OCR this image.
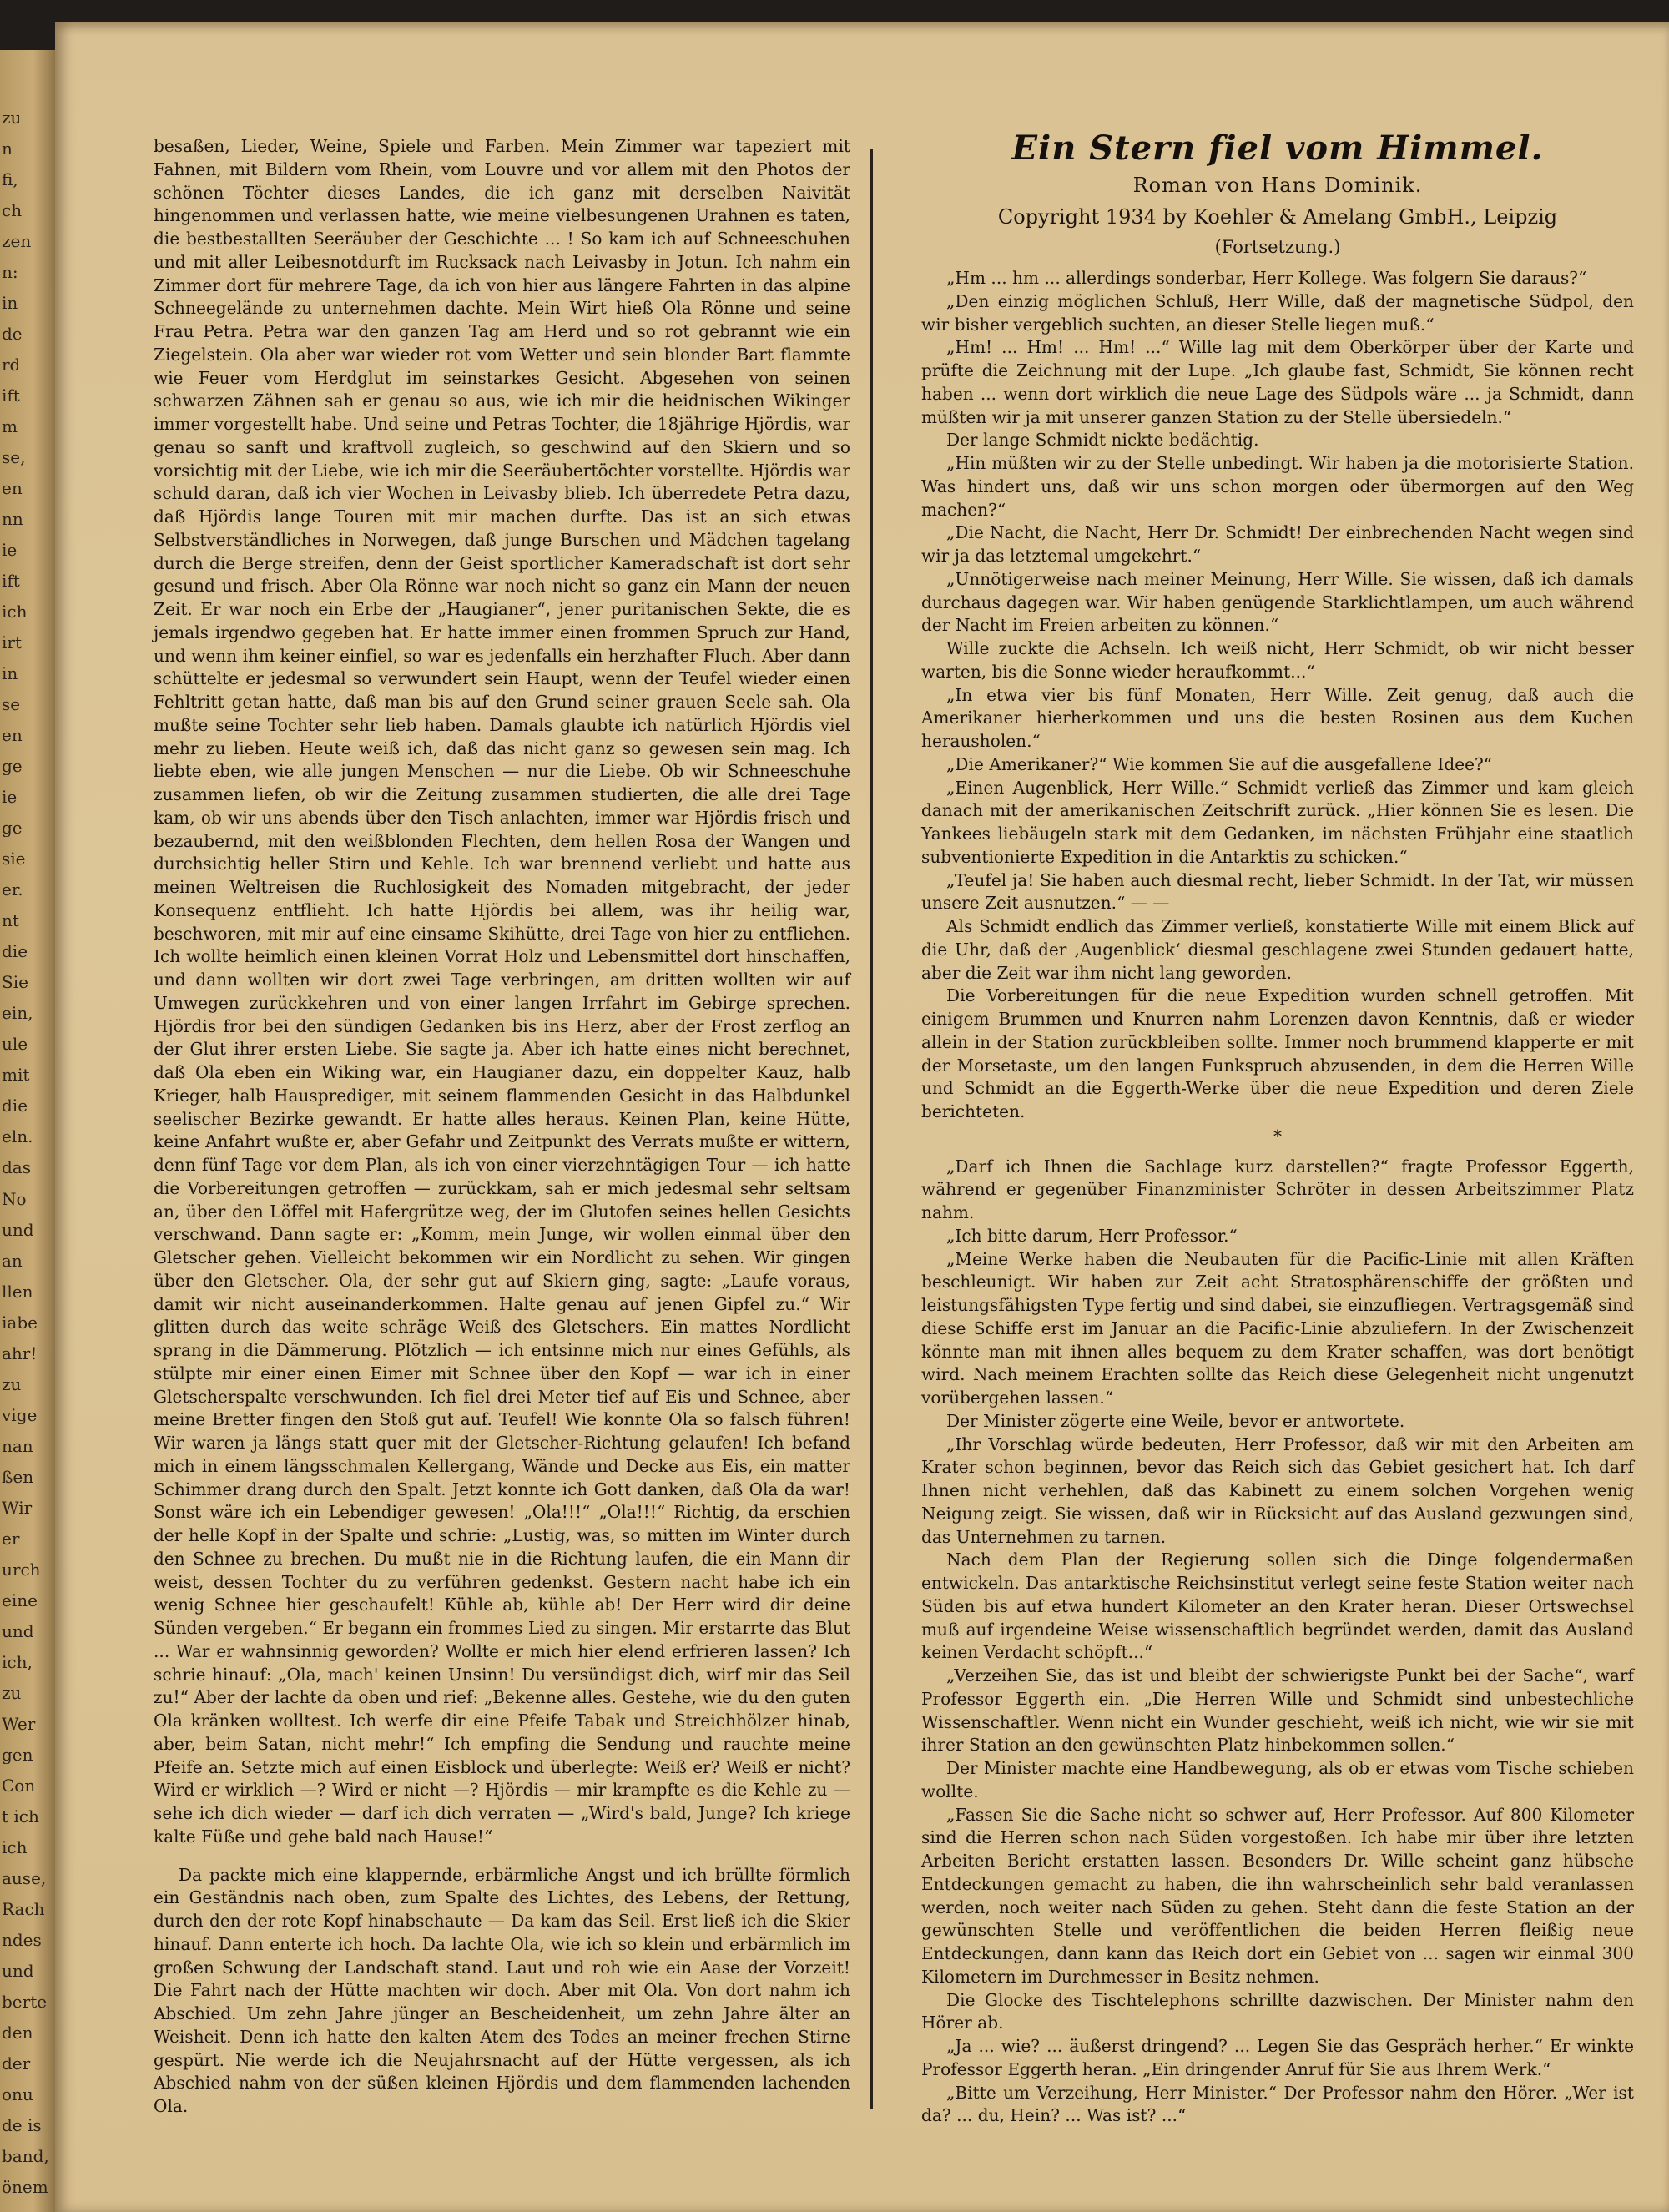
zu
n
fi,
ch
zen
n:
in
de
rd
ift
m
se,
en
nn
ie
ift
ich
irt
in
se
en
ge
ie
ge
sie
er.
nt
die
Sie
ein,
ule
mit
die
eln.
das
No
und
an
llen
iabe
ahr!
zu
vige
nan
ßen
Wir
er
urch
eine
und
ich,
zu
Wer
gen
Con
t ich
ich
ause,
Rach
ndes
und
berte
den
der
onu
de is
band,
önem

besaßen, Lieder, Weine, Spiele und Farben. Mein Zimmer war tapeziert mit Fahnen, mit Bildern vom Rhein, vom Louvre und vor allem mit den Photos der schönen Töchter dieses Landes, die ich ganz mit derselben Naivität hingenommen und verlassen hatte, wie meine vielbesungenen Urahnen es taten, die bestbestallten Seeräuber der Geschichte ... ! So kam ich auf Schneeschuhen und mit aller Leibesnotdurft im Rucksack nach Leivasby in Jotun. Ich nahm ein Zimmer dort für mehrere Tage, da ich von hier aus längere Fahrten in das alpine Schneegelände zu unternehmen dachte. Mein Wirt hieß Ola Rönne und seine Frau Petra. Petra war den ganzen Tag am Herd und so rot gebrannt wie ein Ziegelstein. Ola aber war wieder rot vom Wetter und sein blonder Bart flammte wie Feuer vom Herdglut im seinstarkes Gesicht. Abgesehen von seinen schwarzen Zähnen sah er genau so aus, wie ich mir die heidnischen Wikinger immer vorgestellt habe. Und seine und Petras Tochter, die 18jährige Hjördis, war genau so sanft und kraftvoll zugleich, so geschwind auf den Skiern und so vorsichtig mit der Liebe, wie ich mir die Seeräubertöchter vorstellte. Hjördis war schuld daran, daß ich vier Wochen in Leivasby blieb. Ich überredete Petra dazu, daß Hjördis lange Touren mit mir machen durfte. Das ist an sich etwas Selbstverständliches in Norwegen, daß junge Burschen und Mädchen tagelang durch die Berge streifen, denn der Geist sportlicher Kameradschaft ist dort sehr gesund und frisch. Aber Ola Rönne war noch nicht so ganz ein Mann der neuen Zeit. Er war noch ein Erbe der „Haugianer“, jener puritanischen Sekte, die es jemals irgendwo gegeben hat. Er hatte immer einen frommen Spruch zur Hand, und wenn ihm keiner einfiel, so war es jedenfalls ein herzhafter Fluch. Aber dann schüttelte er jedesmal so verwundert sein Haupt, wenn der Teufel wieder einen Fehltritt getan hatte, daß man bis auf den Grund seiner grauen Seele sah. Ola mußte seine Tochter sehr lieb haben. Damals glaubte ich natürlich Hjördis viel mehr zu lieben. Heute weiß ich, daß das nicht ganz so gewesen sein mag. Ich liebte eben, wie alle jungen Menschen — nur die Liebe. Ob wir Schneeschuhe zusammen liefen, ob wir die Zeitung zusammen studierten, die alle drei Tage kam, ob wir uns abends über den Tisch anlachten, immer war Hjördis frisch und bezaubernd, mit den weißblonden Flechten, dem hellen Rosa der Wangen und durchsichtig heller Stirn und Kehle. Ich war brennend verliebt und hatte aus meinen Weltreisen die Ruchlosigkeit des Nomaden mitgebracht, der jeder Konsequenz entflieht. Ich hatte Hjördis bei allem, was ihr heilig war, beschworen, mit mir auf eine einsame Skihütte, drei Tage von hier zu entfliehen. Ich wollte heimlich einen kleinen Vorrat Holz und Lebensmittel dort hinschaffen, und dann wollten wir dort zwei Tage verbringen, am dritten wollten wir auf Umwegen zurückkehren und von einer langen Irrfahrt im Gebirge sprechen. Hjördis fror bei den sündigen Gedanken bis ins Herz, aber der Frost zerflog an der Glut ihrer ersten Liebe. Sie sagte ja. Aber ich hatte eines nicht berechnet, daß Ola eben ein Wiking war, ein Haugianer dazu, ein doppelter Kauz, halb Krieger, halb Hausprediger, mit seinem flammenden Gesicht in das Halbdunkel seelischer Bezirke gewandt. Er hatte alles heraus. Keinen Plan, keine Hütte, keine Anfahrt wußte er, aber Gefahr und Zeitpunkt des Verrats mußte er wittern, denn fünf Tage vor dem Plan, als ich von einer vierzehntägigen Tour — ich hatte die Vorbereitungen getroffen — zurückkam, sah er mich jedesmal sehr seltsam an, über den Löffel mit Hafergrütze weg, der im Glutofen seines hellen Gesichts verschwand. Dann sagte er: „Komm, mein Junge, wir wollen einmal über den Gletscher gehen. Vielleicht bekommen wir ein Nordlicht zu sehen. Wir gingen über den Gletscher. Ola, der sehr gut auf Skiern ging, sagte: „Laufe voraus, damit wir nicht auseinanderkommen. Halte genau auf jenen Gipfel zu.“ Wir glitten durch das weite schräge Weiß des Gletschers. Ein mattes Nordlicht sprang in die Dämmerung. Plötzlich — ich entsinne mich nur eines Gefühls, als stülpte mir einer einen Eimer mit Schnee über den Kopf — war ich in einer Gletscherspalte verschwunden. Ich fiel drei Meter tief auf Eis und Schnee, aber meine Bretter fingen den Stoß gut auf. Teufel! Wie konnte Ola so falsch führen! Wir waren ja längs statt quer mit der Gletscher-Richtung gelaufen! Ich befand mich in einem längsschmalen Kellergang, Wände und Decke aus Eis, ein matter Schimmer drang durch den Spalt. Jetzt konnte ich Gott danken, daß Ola da war! Sonst wäre ich ein Lebendiger gewesen! „Ola!!!“ „Ola!!!“ Richtig, da erschien der helle Kopf in der Spalte und schrie: „Lustig, was, so mitten im Winter durch den Schnee zu brechen. Du mußt nie in die Richtung laufen, die ein Mann dir weist, dessen Tochter du zu verführen gedenkst. Gestern nacht habe ich ein wenig Schnee hier geschaufelt! Kühle ab, kühle ab! Der Herr wird dir deine Sünden vergeben.“ Er begann ein frommes Lied zu singen. Mir erstarrte das Blut ... War er wahnsinnig geworden? Wollte er mich hier elend erfrieren lassen? Ich schrie hinauf: „Ola, mach' keinen Unsinn! Du versündigst dich, wirf mir das Seil zu!“ Aber der lachte da oben und rief: „Bekenne alles. Gestehe, wie du den guten Ola kränken wolltest. Ich werfe dir eine Pfeife Tabak und Streichhölzer hinab, aber, beim Satan, nicht mehr!“ Ich empfing die Sendung und rauchte meine Pfeife an. Setzte mich auf einen Eisblock und überlegte: Weiß er? Weiß er nicht? Wird er wirklich —? Wird er nicht —? Hjördis — mir krampfte es die Kehle zu — sehe ich dich wieder — darf ich dich verraten — „Wird's bald, Junge? Ich kriege kalte Füße und gehe bald nach Hause!“

Da packte mich eine klappernde, erbärmliche Angst und ich brüllte förmlich ein Geständnis nach oben, zum Spalte des Lichtes, des Lebens, der Rettung, durch den der rote Kopf hinabschaute — Da kam das Seil. Erst ließ ich die Skier hinauf. Dann enterte ich hoch. Da lachte Ola, wie ich so klein und erbärmlich im großen Schwung der Landschaft stand. Laut und roh wie ein Aase der Vorzeit! Die Fahrt nach der Hütte machten wir doch. Aber mit Ola. Von dort nahm ich Abschied. Um zehn Jahre jünger an Bescheidenheit, um zehn Jahre älter an Weisheit. Denn ich hatte den kalten Atem des Todes an meiner frechen Stirne gespürt. Nie werde ich die Neujahrsnacht auf der Hütte vergessen, als ich Abschied nahm von der süßen kleinen Hjördis und dem flammenden lachenden Ola.

Ein Stern fiel vom Himmel.
Roman von Hans Dominik.
Copyright 1934 by Koehler & Amelang GmbH., Leipzig
(Fortsetzung.)

„Hm ... hm ... allerdings sonderbar, Herr Kollege. Was folgern Sie daraus?“

„Den einzig möglichen Schluß, Herr Wille, daß der magnetische Südpol, den wir bisher vergeblich suchten, an dieser Stelle liegen muß.“

„Hm! ... Hm! ... Hm! ...“ Wille lag mit dem Oberkörper über der Karte und prüfte die Zeichnung mit der Lupe. „Ich glaube fast, Schmidt, Sie können recht haben ... wenn dort wirklich die neue Lage des Südpols wäre ... ja Schmidt, dann müßten wir ja mit unserer ganzen Station zu der Stelle übersiedeln.“

Der lange Schmidt nickte bedächtig.

„Hin müßten wir zu der Stelle unbedingt. Wir haben ja die motorisierte Station. Was hindert uns, daß wir uns schon morgen oder übermorgen auf den Weg machen?“

„Die Nacht, die Nacht, Herr Dr. Schmidt! Der einbrechenden Nacht wegen sind wir ja das letztemal umgekehrt.“

„Unnötigerweise nach meiner Meinung, Herr Wille. Sie wissen, daß ich damals durchaus dagegen war. Wir haben genügende Starklichtlampen, um auch während der Nacht im Freien arbeiten zu können.“

Wille zuckte die Achseln. Ich weiß nicht, Herr Schmidt, ob wir nicht besser warten, bis die Sonne wieder heraufkommt...“

„In etwa vier bis fünf Monaten, Herr Wille. Zeit genug, daß auch die Amerikaner hierherkommen und uns die besten Rosinen aus dem Kuchen herausholen.“

„Die Amerikaner?“ Wie kommen Sie auf die ausgefallene Idee?“

„Einen Augenblick, Herr Wille.“ Schmidt verließ das Zimmer und kam gleich danach mit der amerikanischen Zeitschrift zurück. „Hier können Sie es lesen. Die Yankees liebäugeln stark mit dem Gedanken, im nächsten Frühjahr eine staatlich subventionierte Expedition in die Antarktis zu schicken.“

„Teufel ja! Sie haben auch diesmal recht, lieber Schmidt. In der Tat, wir müssen unsere Zeit ausnutzen.“ — —

Als Schmidt endlich das Zimmer verließ, konstatierte Wille mit einem Blick auf die Uhr, daß der ‚Augenblick‘ diesmal geschlagene zwei Stunden gedauert hatte, aber die Zeit war ihm nicht lang geworden.

Die Vorbereitungen für die neue Expedition wurden schnell getroffen. Mit einigem Brummen und Knurren nahm Lorenzen davon Kenntnis, daß er wieder allein in der Station zurückbleiben sollte. Immer noch brummend klapperte er mit der Morsetaste, um den langen Funkspruch abzusenden, in dem die Herren Wille und Schmidt an die Eggerth-Werke über die neue Expedition und deren Ziele berichteten.

*

„Darf ich Ihnen die Sachlage kurz darstellen?“ fragte Professor Eggerth, während er gegenüber Finanzminister Schröter in dessen Arbeitszimmer Platz nahm.

„Ich bitte darum, Herr Professor.“

„Meine Werke haben die Neubauten für die Pacific-Linie mit allen Kräften beschleunigt. Wir haben zur Zeit acht Stratosphärenschiffe der größten und leistungsfähigsten Type fertig und sind dabei, sie einzufliegen. Vertragsgemäß sind diese Schiffe erst im Januar an die Pacific-Linie abzuliefern. In der Zwischenzeit könnte man mit ihnen alles bequem zu dem Krater schaffen, was dort benötigt wird. Nach meinem Erachten sollte das Reich diese Gelegenheit nicht ungenutzt vorübergehen lassen.“

Der Minister zögerte eine Weile, bevor er antwortete.

„Ihr Vorschlag würde bedeuten, Herr Professor, daß wir mit den Arbeiten am Krater schon beginnen, bevor das Reich sich das Gebiet gesichert hat. Ich darf Ihnen nicht verhehlen, daß das Kabinett zu einem solchen Vorgehen wenig Neigung zeigt. Sie wissen, daß wir in Rücksicht auf das Ausland gezwungen sind, das Unternehmen zu tarnen.

Nach dem Plan der Regierung sollen sich die Dinge folgendermaßen entwickeln. Das antarktische Reichsinstitut verlegt seine feste Station weiter nach Süden bis auf etwa hundert Kilometer an den Krater heran. Dieser Ortswechsel muß auf irgendeine Weise wissenschaftlich begründet werden, damit das Ausland keinen Verdacht schöpft...“

„Verzeihen Sie, das ist und bleibt der schwierigste Punkt bei der Sache“, warf Professor Eggerth ein. „Die Herren Wille und Schmidt sind unbestechliche Wissenschaftler. Wenn nicht ein Wunder geschieht, weiß ich nicht, wie wir sie mit ihrer Station an den gewünschten Platz hinbekommen sollen.“

Der Minister machte eine Handbewegung, als ob er etwas vom Tische schieben wollte.

„Fassen Sie die Sache nicht so schwer auf, Herr Professor. Auf 800 Kilometer sind die Herren schon nach Süden vorgestoßen. Ich habe mir über ihre letzten Arbeiten Bericht erstatten lassen. Besonders Dr. Wille scheint ganz hübsche Entdeckungen gemacht zu haben, die ihn wahrscheinlich sehr bald veranlassen werden, noch weiter nach Süden zu gehen. Steht dann die feste Station an der gewünschten Stelle und veröffentlichen die beiden Herren fleißig neue Entdeckungen, dann kann das Reich dort ein Gebiet von ... sagen wir einmal 300 Kilometern im Durchmesser in Besitz nehmen.

Die Glocke des Tischtelephons schrillte dazwischen. Der Minister nahm den Hörer ab.

„Ja ... wie? ... äußerst dringend? ... Legen Sie das Gespräch herher.“ Er winkte Professor Eggerth heran. „Ein dringender Anruf für Sie aus Ihrem Werk.“

„Bitte um Verzeihung, Herr Minister.“ Der Professor nahm den Hörer. „Wer ist da? ... du, Hein? ... Was ist? ...“
